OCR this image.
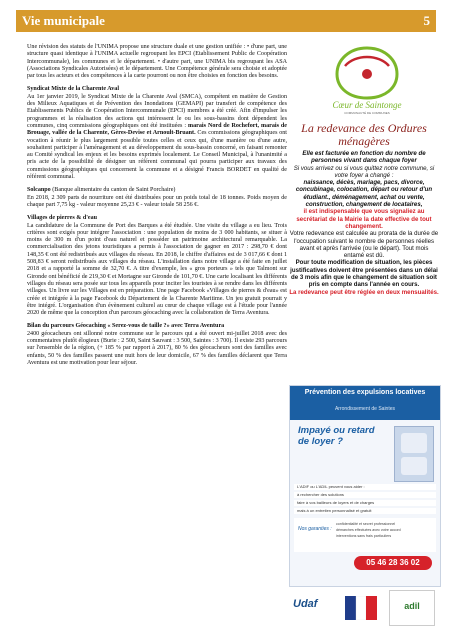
Vie municipale	5

Une révision des statuts de l'UNIMA propose une structure duale et une gestion unifiée : • d'une part, une structure quasi identique à l'UNIMA actuelle regroupant les EPCI (Etablissement Public de Coopération Intercommunale), les communes et le département. • d'autre part, une UNIMA bis regroupant les ASA (Associations Syndicales Autorisées) et le département. Une Compétence générale sera choisie et adoptée par tous les acteurs et des compétences à la carte pourront ou non être choisies en fonction des besoins.

Syndicat Mixte de la Charente Aval

Au 1er janvier 2019, le Syndicat Mixte de la Charente Aval (SMCA), compétent en matière de Gestion des Milieux Aquatiques et de Prévention des Inondations (GEMAPI) par transfert de compétence des Etablissements Publics de Coopération Intercommunale (EPCI) membres a été créé. Afin d'impulser les programmes et la réalisation des actions qui intéressent le ou les sous-bassins dont dépendent les communes, cinq commissions géographiques ont été instituées : marais Nord de Rochefort, marais de Brouage, vallée de la Charente, Gères-Devise et Arnoult-Bruant. Ces commissions géographiques ont vocation à réunir le plus largement possible toutes celles et ceux qui, d'une manière ou d'une autre, souhaitent participer à l'aménagement et au développement du sous-bassin concerné, en faisant remonter au Comité syndical les enjeux et les besoins exprimés localement. Le Conseil Municipal, à l'unanimité a pris acte de la possibilité de désigner un référent communal qui pourra participer aux travaux des commissions géographiques qui concernent la commune et a désigné Francis BORDET en qualité de référent communal.

Solcanpo (Banque alimentaire du canton de Saint Porchaire)

En 2018, 2 309 parts de nourriture ont été distribuées pour un poids total de 18 tonnes. Poids moyen de chaque part 7,75 kg - valeur moyenne 25,23 € - valeur totale 58 256 €.

Villages de pierres & d'eau

La candidature de la Commune de Port des Barques a été étudiée. Une visite du village a eu lieu. Trois critères sont exigés pour intégrer l'association : une population de moins de 3 000 habitants, se situer à moins de 300 m d'un point d'eau naturel et posséder un patrimoine architectural remarquable. La commercialisation des jetons touristiques a permis à l'association de gagner en 2017 : 298,70 € dont 148,35 € ont été redistribués aux villages du réseau. En 2018, le chiffre d'affaires est de 3 017,66 € dont 1 508,83 € seront redistribués aux villages du réseau. L'installation dans notre village a été faite en juillet 2018 et a rapporté la somme de 32,70 €. A titre d'exemple, les « gros porteurs » tels que Talmont sur Gironde ont bénéficié de 219,30 € et Mortagne sur Gironde de 101,70 €. Une carte localisant les différents villages du réseau sera posée sur tous les appareils pour inciter les touristes à se rendre dans les différents villages. Un livre sur les Villages est en préparation. Une page Facebook «Villages de pierres & d'eau» est créée et intégrée à la page Facebook du Département de la Charente Maritime. Un jeu gratuit pourrait y être intégré. L'organisation d'un évènement culturel au cœur de chaque village est à l'étude pour l'année 2020 de même que la conception d'un parcours géocaching avec la collaboration de Terra Aventura.

Bilan du parcours Géocaching « Serez-vous de taille ?» avec Terra Aventura

2400 géocacheurs ont sillonné notre commune sur le parcours qui a été ouvert mi-juillet 2018 avec des commentaires plutôt élogieux (Burie : 2 500, Saint Sauvant : 3 500, Saintes : 3 700). Il existe 293 parcours sur l'ensemble de la région, (+ 185 % par rapport à 2017), 80 % des géocacheurs sont des familles avec enfants, 50 % des familles passent une nuit hors de leur domicile, 67 % des familles déclarent que Terra Aventura est une motivation pour leur séjour.

Cœur de Saintonge
COMMUNAUTÉ DE COMMUNES
La redevance des Ordures ménagères
Elle est facturée en fonction du nombre de personnes vivant dans chaque foyer
Si vous arrivez ou si vous quittez notre commune, si votre foyer a changé :
naissance, décès, mariage, pacs, divorce, concubinage, colocation, départ ou retour d'un étudiant., déménagement, achat ou vente, construction, changement de locataires,
il est indispensable que vous signaliez au secrétariat de la Mairie la date effective de tout changement.
Votre redevance est calculée au prorata de la durée de l'occupation suivant le nombre de personnes réelles avant et après l'arrivée (ou le départ). Tout mois entamé est dû.
Pour toute modification de situation, les pièces justificatives doivent être présentées dans un délai de 3 mois afin que le changement de situation soit pris en compte dans l'année en cours.
La redevance peut être réglée en deux mensualités.
Prévention des expulsions locatives
Arrondissement de Saintes
Impayé ou retard de loyer ?
L'ADIF ou L'ADIL peuvent vous aider :
à rechercher des solutions
faire à vos bailleurs de loyers et de charges
mais à un entretien personnalisé et gratuit
Nos garanties :
confidentialité et secret professionnel
démarches effectuées avec votre accord
interventions sans frais particuliers
05 46 28 36 02
Udaf	adil
